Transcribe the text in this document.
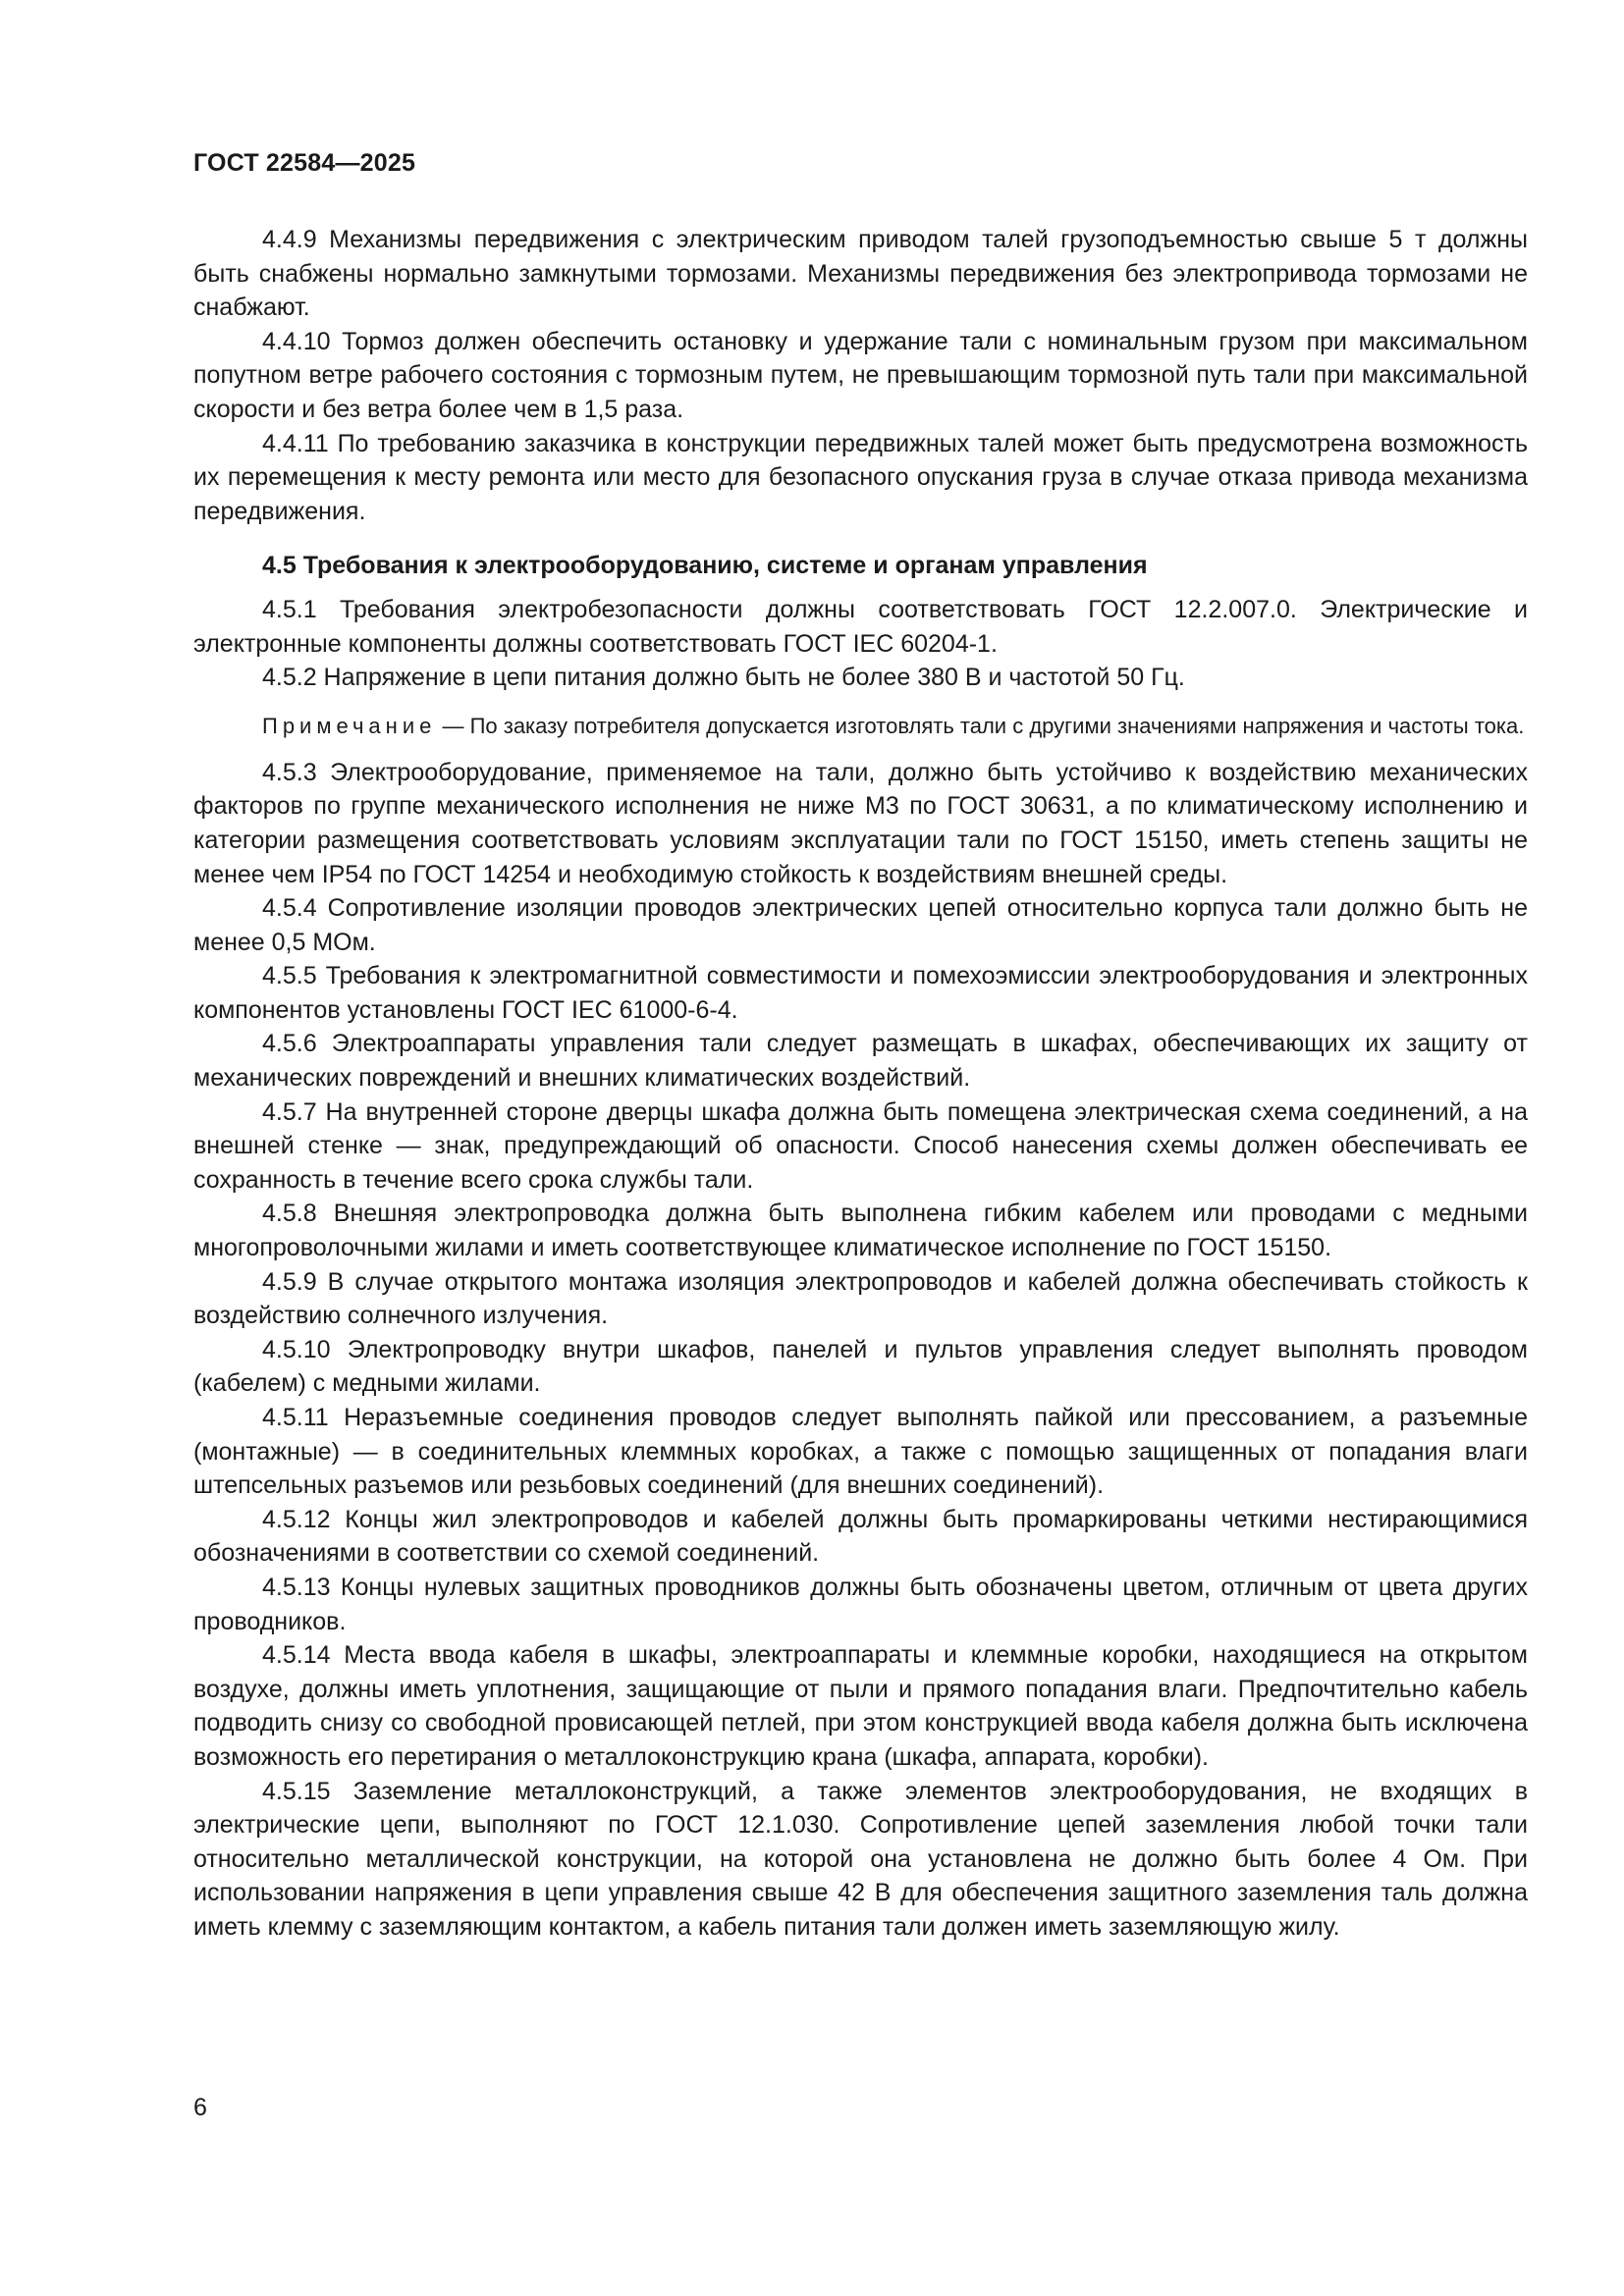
ГОСТ 22584—2025

4.4.9 Механизмы передвижения с электрическим приводом талей грузоподъемностью свыше 5 т должны быть снабжены нормально замкнутыми тормозами. Механизмы передвижения без электропривода тормозами не снабжают.

4.4.10 Тормоз должен обеспечить остановку и удержание тали с номинальным грузом при максимальном попутном ветре рабочего состояния с тормозным путем, не превышающим тормозной путь тали при максимальной скорости и без ветра более чем в 1,5 раза.

4.4.11 По требованию заказчика в конструкции передвижных талей может быть предусмотрена возможность их перемещения к месту ремонта или место для безопасного опускания груза в случае отказа привода механизма передвижения.

4.5 Требования к электрооборудованию, системе и органам управления

4.5.1 Требования электробезопасности должны соответствовать ГОСТ 12.2.007.0. Электрические и электронные компоненты должны соответствовать ГОСТ IEC 60204-1.

4.5.2 Напряжение в цепи питания должно быть не более 380 В и частотой 50 Гц.

Примечание — По заказу потребителя допускается изготовлять тали с другими значениями напряжения и частоты тока.

4.5.3 Электрооборудование, применяемое на тали, должно быть устойчиво к воздействию механических факторов по группе механического исполнения не ниже М3 по ГОСТ 30631, а по климатическому исполнению и категории размещения соответствовать условиям эксплуатации тали по ГОСТ 15150, иметь степень защиты не менее чем IP54 по ГОСТ 14254 и необходимую стойкость к воздействиям внешней среды.

4.5.4 Сопротивление изоляции проводов электрических цепей относительно корпуса тали должно быть не менее 0,5 МОм.

4.5.5 Требования к электромагнитной совместимости и помехоэмиссии электрооборудования и электронных компонентов установлены ГОСТ IEC 61000-6-4.

4.5.6 Электроаппараты управления тали следует размещать в шкафах, обеспечивающих их защиту от механических повреждений и внешних климатических воздействий.

4.5.7 На внутренней стороне дверцы шкафа должна быть помещена электрическая схема соединений, а на внешней стенке — знак, предупреждающий об опасности. Способ нанесения схемы должен обеспечивать ее сохранность в течение всего срока службы тали.

4.5.8 Внешняя электропроводка должна быть выполнена гибким кабелем или проводами с медными многопроволочными жилами и иметь соответствующее климатическое исполнение по ГОСТ 15150.

4.5.9 В случае открытого монтажа изоляция электропроводов и кабелей должна обеспечивать стойкость к воздействию солнечного излучения.

4.5.10 Электропроводку внутри шкафов, панелей и пультов управления следует выполнять проводом (кабелем) с медными жилами.

4.5.11 Неразъемные соединения проводов следует выполнять пайкой или прессованием, а разъемные (монтажные) — в соединительных клеммных коробках, а также с помощью защищенных от попадания влаги штепсельных разъемов или резьбовых соединений (для внешних соединений).

4.5.12 Концы жил электропроводов и кабелей должны быть промаркированы четкими нестирающимися обозначениями в соответствии со схемой соединений.

4.5.13 Концы нулевых защитных проводников должны быть обозначены цветом, отличным от цвета других проводников.

4.5.14 Места ввода кабеля в шкафы, электроаппараты и клеммные коробки, находящиеся на открытом воздухе, должны иметь уплотнения, защищающие от пыли и прямого попадания влаги. Предпочтительно кабель подводить снизу со свободной провисающей петлей, при этом конструкцией ввода кабеля должна быть исключена возможность его перетирания о металлоконструкцию крана (шкафа, аппарата, коробки).

4.5.15 Заземление металлоконструкций, а также элементов электрооборудования, не входящих в электрические цепи, выполняют по ГОСТ 12.1.030. Сопротивление цепей заземления любой точки тали относительно металлической конструкции, на которой она установлена не должно быть более 4 Ом. При использовании напряжения в цепи управления свыше 42 В для обеспечения защитного заземления таль должна иметь клемму с заземляющим контактом, а кабель питания тали должен иметь заземляющую жилу.

6
